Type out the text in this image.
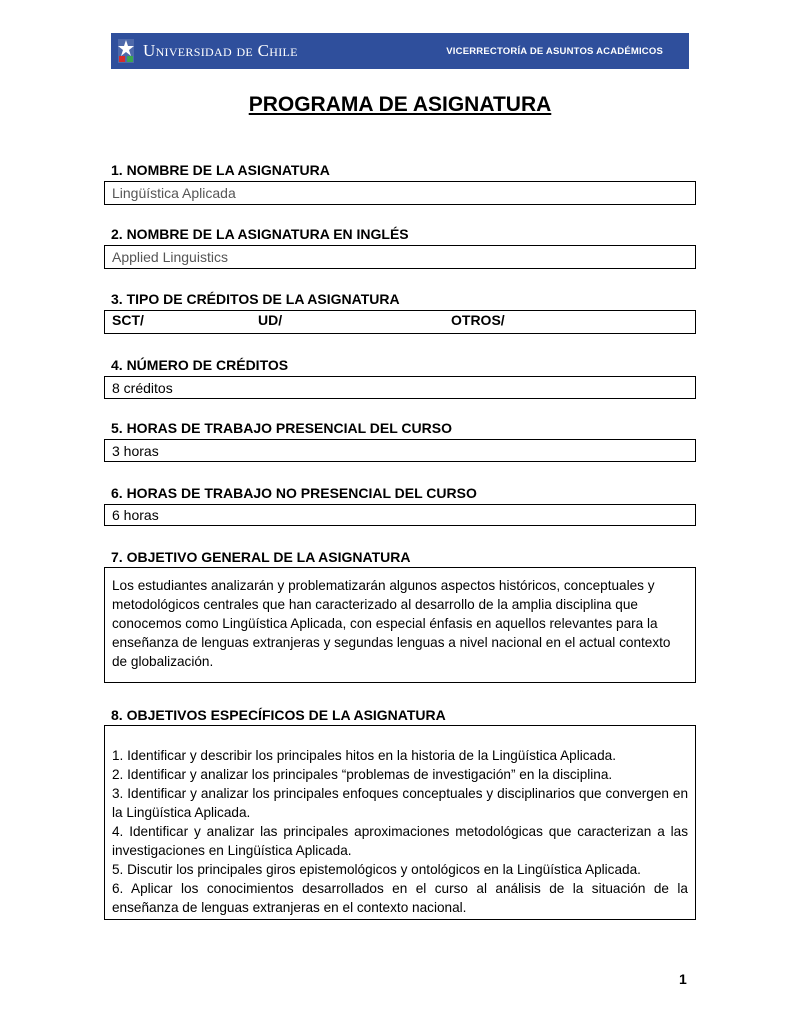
Universidad de Chile	VICERRECTORÍA DE ASUNTOS ACADÉMICOS
PROGRAMA DE ASIGNATURA
1. NOMBRE DE LA ASIGNATURA
Lingüística Aplicada
2. NOMBRE DE LA ASIGNATURA EN INGLÉS
Applied Linguistics
3. TIPO DE CRÉDITOS DE LA ASIGNATURA
SCT/	UD/	OTROS/
4. NÚMERO DE CRÉDITOS
8 créditos
5. HORAS DE TRABAJO PRESENCIAL DEL CURSO
3 horas
6. HORAS DE TRABAJO NO PRESENCIAL DEL CURSO
6 horas
7. OBJETIVO GENERAL DE LA ASIGNATURA

Los estudiantes analizarán y problematizarán algunos aspectos históricos, conceptuales y metodológicos centrales que han caracterizado al desarrollo de la amplia disciplina que conocemos como Lingüística Aplicada, con especial énfasis en aquellos relevantes para la enseñanza de lenguas extranjeras y segundas lenguas a nivel nacional en el actual contexto de globalización.

8. OBJETIVOS ESPECÍFICOS DE LA ASIGNATURA

1. Identificar y describir los principales hitos en la historia de la Lingüística Aplicada.

2. Identificar y analizar los principales “problemas de investigación” en la disciplina.

3. Identificar y analizar los principales enfoques conceptuales y disciplinarios que convergen en la Lingüística Aplicada.

4. Identificar y analizar las principales aproximaciones metodológicas que caracterizan a las investigaciones en Lingüística Aplicada.

5. Discutir los principales giros epistemológicos y ontológicos en la Lingüística Aplicada.

6. Aplicar los conocimientos desarrollados en el curso al análisis de la situación de la enseñanza de lenguas extranjeras en el contexto nacional.

1
